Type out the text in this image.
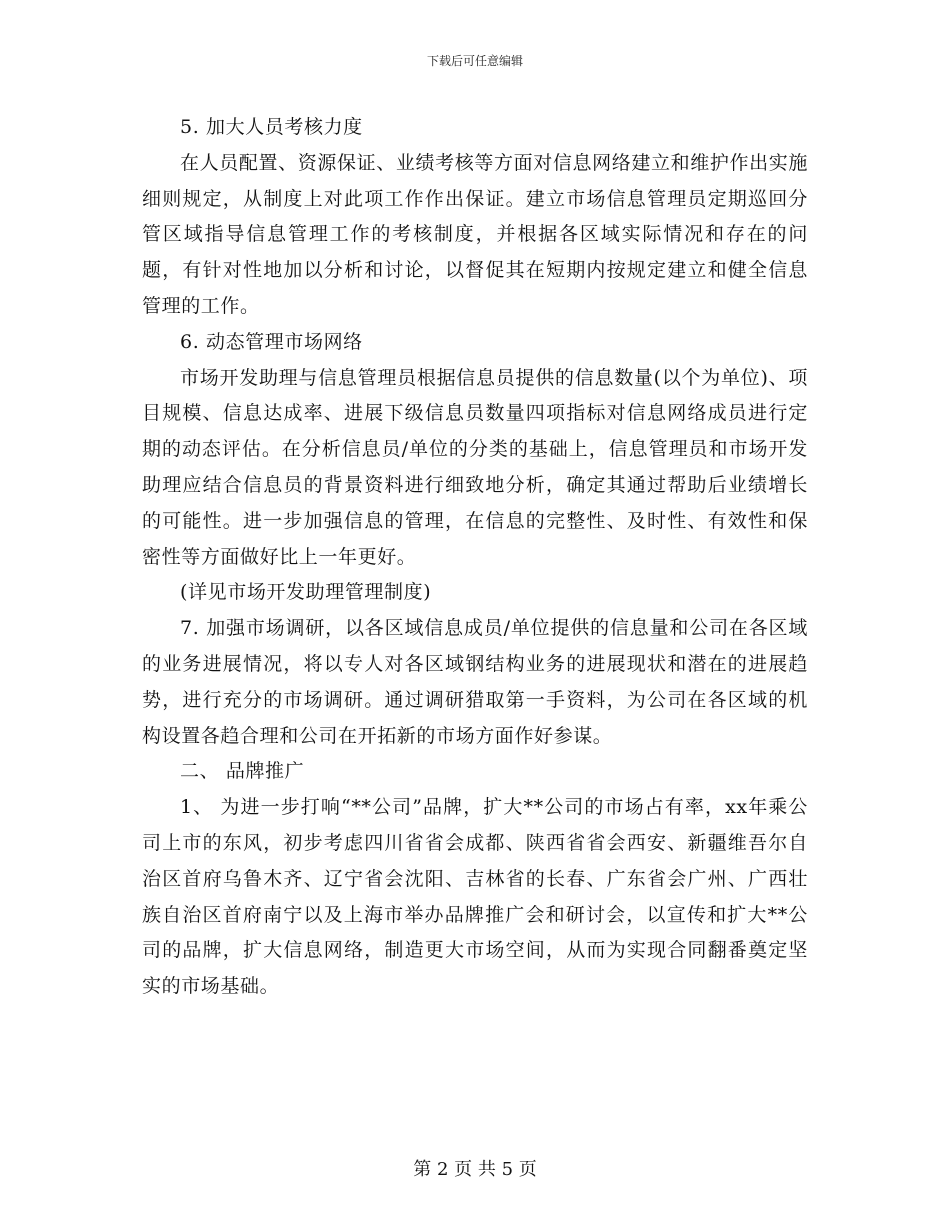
下载后可任意编辑

5. 加大人员考核力度

在人员配置、资源保证、业绩考核等方面对信息网络建立和维护作出实施细则规定，从制度上对此项工作作出保证。建立市场信息管理员定期巡回分管区域指导信息管理工作的考核制度，并根据各区域实际情况和存在的问题，有针对性地加以分析和讨论，以督促其在短期内按规定建立和健全信息管理的工作。

6. 动态管理市场网络

市场开发助理与信息管理员根据信息员提供的信息数量(以个为单位)、项目规模、信息达成率、进展下级信息员数量四项指标对信息网络成员进行定期的动态评估。在分析信息员/单位的分类的基础上，信息管理员和市场开发助理应结合信息员的背景资料进行细致地分析，确定其通过帮助后业绩增长的可能性。进一步加强信息的管理，在信息的完整性、及时性、有效性和保密性等方面做好比上一年更好。

(详见市场开发助理管理制度)

7. 加强市场调研，以各区域信息成员/单位提供的信息量和公司在各区域的业务进展情况，将以专人对各区域钢结构业务的进展现状和潜在的进展趋势，进行充分的市场调研。通过调研猎取第一手资料，为公司在各区域的机构设置各趋合理和公司在开拓新的市场方面作好参谋。

二、 品牌推广

1、 为进一步打响“**公司”品牌，扩大**公司的市场占有率，xx年乘公司上市的东风，初步考虑四川省省会成都、陕西省省会西安、新疆维吾尔自治区首府乌鲁木齐、辽宁省会沈阳、吉林省的长春、广东省会广州、广西壮族自治区首府南宁以及上海市举办品牌推广会和研讨会，以宣传和扩大**公司的品牌，扩大信息网络，制造更大市场空间，从而为实现合同翻番奠定坚实的市场基础。

第 2 页 共 5 页
